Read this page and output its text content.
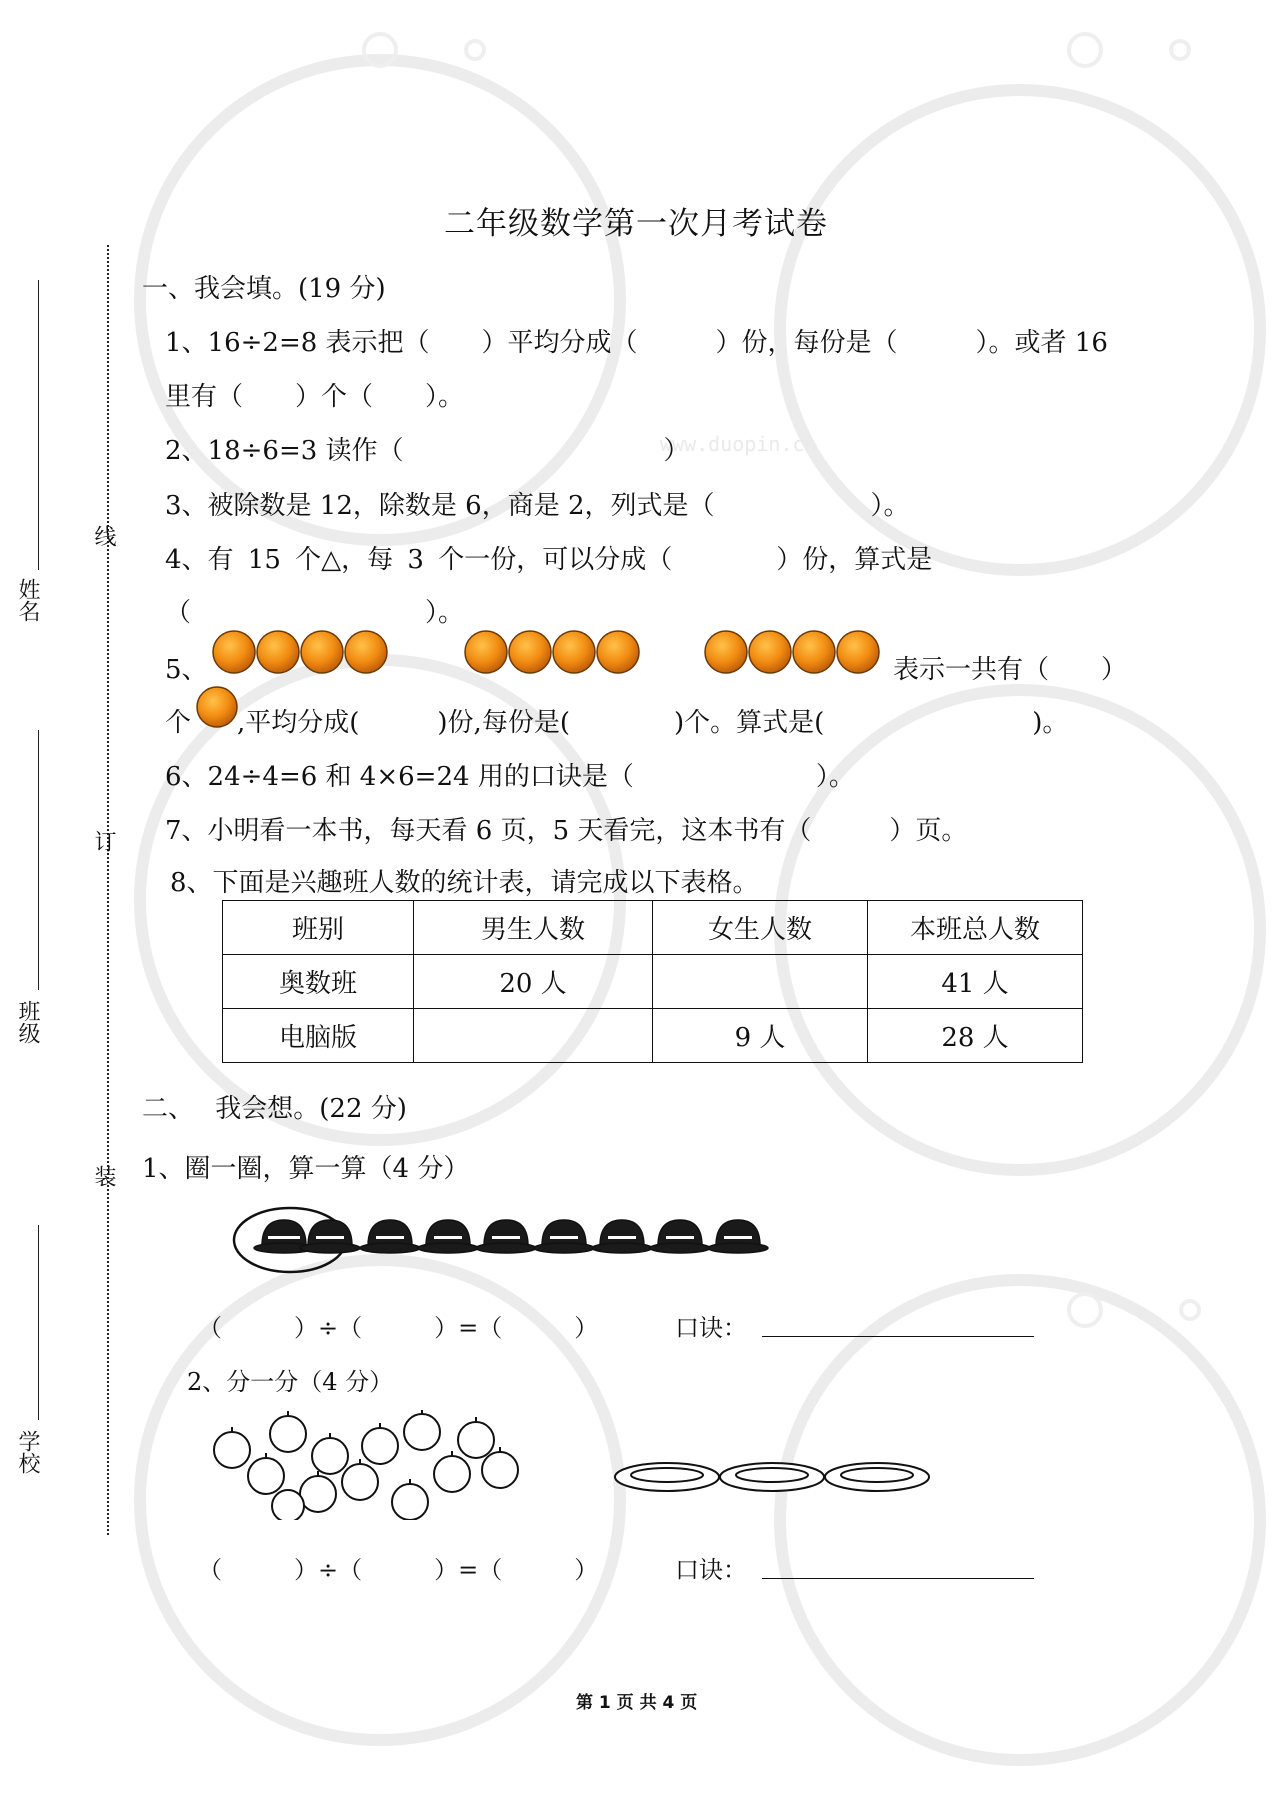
www.duopin.cn
姓名
班级
学校
线
订
装
二年级数学第一次月考试卷
一、我会填。(19 分)
1、16÷2=8 表示把（　　）平均分成（　　　）份，每份是（　　　）。或者 16
里有（　　）个（　　）。
2、18÷6=3 读作（　　　　　　　　　　）
3、被除数是 12，除数是 6，商是 2，列式是（　　　　　　）。
4、有 15 个△，每 3 个一份，可以分成（　　　　）份，算式是
（　　　　　　　　　）。
5、	表示一共有（　　）
个 ,平均分成(　　　)份,每份是(　　　　)个。算式是(　　　　　　　　)。
6、24÷4=6 和 4×6=24 用的口诀是（　　　　　　　）。
7、小明看一本书，每天看 6 页，5 天看完，这本书有（　　　）页。
8、下面是兴趣班人数的统计表，请完成以下表格。
班别	男生人数	女生人数	本班总人数
奥数班	20 人		41 人
电脑版		9 人	28 人
二、　 我会想。(22 分)
1、圈一圈，算一算（4 分）
（　　　）÷（　　　）=（　　　）	口诀：
2、分一分（4 分）
（　　　）÷（　　　）=（　　　）	口诀：
第 1 页 共 4 页
